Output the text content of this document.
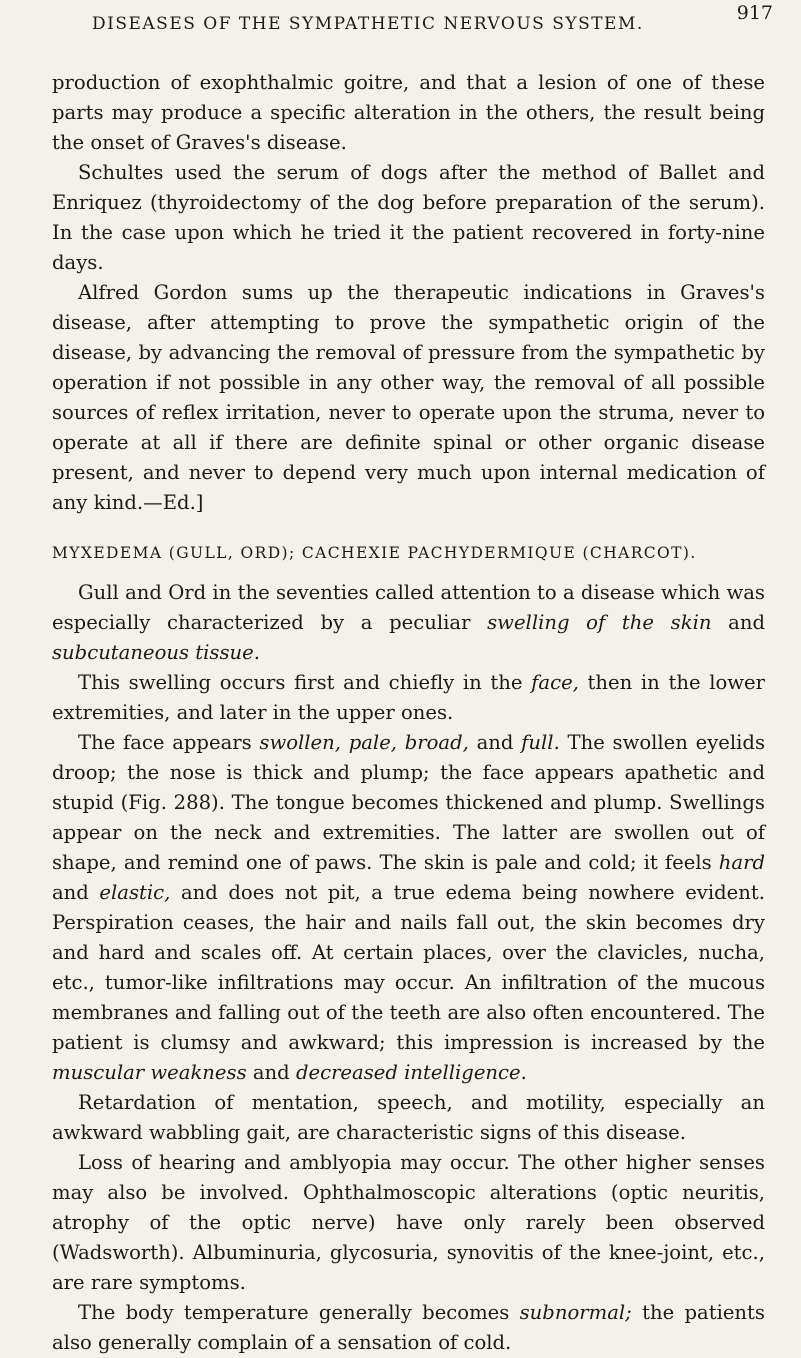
DISEASES OF THE SYMPATHETIC NERVOUS SYSTEM.	917

production of exophthalmic goitre, and that a lesion of one of these parts may produce a specific alteration in the others, the result being the onset of Graves's disease.

Schultes used the serum of dogs after the method of Ballet and Enriquez (thyroidectomy of the dog before preparation of the serum). In the case upon which he tried it the patient recovered in forty-nine days.

Alfred Gordon sums up the therapeutic indications in Graves's disease, after attempting to prove the sympathetic origin of the disease, by advancing the removal of pressure from the sympathetic by operation if not possible in any other way, the removal of all possible sources of reflex irritation, never to operate upon the struma, never to operate at all if there are definite spinal or other organic disease present, and never to depend very much upon internal medication of any kind.—Ed.]

MYXEDEMA (GULL, ORD); CACHEXIE PACHYDERMIQUE (CHARCOT).

Gull and Ord in the seventies called attention to a disease which was especially characterized by a peculiar swelling of the skin and subcutaneous tissue.

This swelling occurs first and chiefly in the face, then in the lower extremities, and later in the upper ones.

The face appears swollen, pale, broad, and full. The swollen eyelids droop; the nose is thick and plump; the face appears apathetic and stupid (Fig. 288). The tongue becomes thickened and plump. Swellings appear on the neck and extremities. The latter are swollen out of shape, and remind one of paws. The skin is pale and cold; it feels hard and elastic, and does not pit, a true edema being nowhere evident. Perspiration ceases, the hair and nails fall out, the skin becomes dry and hard and scales off. At certain places, over the clavicles, nucha, etc., tumor-like infiltrations may occur. An infiltration of the mucous membranes and falling out of the teeth are also often encountered. The patient is clumsy and awkward; this impression is increased by the muscular weakness and decreased intelligence.

Retardation of mentation, speech, and motility, especially an awkward wabbling gait, are characteristic signs of this disease.

Loss of hearing and amblyopia may occur. The other higher senses may also be involved. Ophthalmoscopic alterations (optic neuritis, atrophy of the optic nerve) have only rarely been observed (Wadsworth). Albuminuria, glycosuria, synovitis of the knee-joint, etc., are rare symptoms.

The body temperature generally becomes subnormal; the patients also generally complain of a sensation of cold.
